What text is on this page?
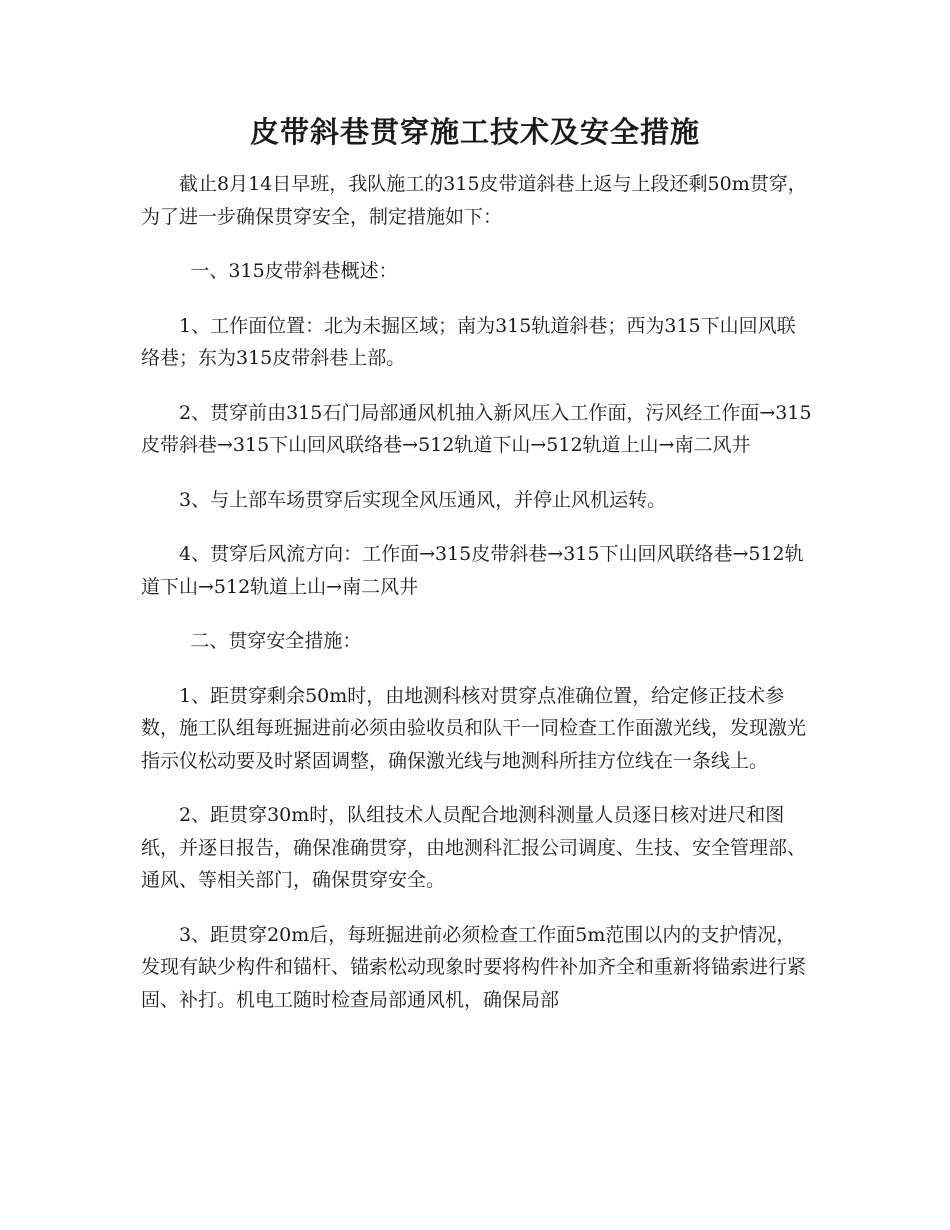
皮带斜巷贯穿施工技术及安全措施

截止8月14日早班，我队施工的315皮带道斜巷上返与上段还剩50m贯穿，为了进一步确保贯穿安全，制定措施如下：

一、315皮带斜巷概述：

1、工作面位置：北为未掘区域；南为315轨道斜巷；西为315下山回风联络巷；东为315皮带斜巷上部。

2、贯穿前由315石门局部通风机抽入新风压入工作面，污风经工作面→315皮带斜巷→315下山回风联络巷→512轨道下山→512轨道上山→南二风井

3、与上部车场贯穿后实现全风压通风，并停止风机运转。

4、贯穿后风流方向：工作面→315皮带斜巷→315下山回风联络巷→512轨道下山→512轨道上山→南二风井

二、贯穿安全措施：

1、距贯穿剩余50m时，由地测科核对贯穿点准确位置，给定修正技术参数，施工队组每班掘进前必须由验收员和队干一同检查工作面激光线，发现激光指示仪松动要及时紧固调整，确保激光线与地测科所挂方位线在一条线上。

2、距贯穿30m时，队组技术人员配合地测科测量人员逐日核对进尺和图纸，并逐日报告，确保准确贯穿，由地测科汇报公司调度、生技、安全管理部、通风、等相关部门，确保贯穿安全。

3、距贯穿20m后，每班掘进前必须检查工作面5m范围以内的支护情况，发现有缺少构件和锚杆、锚索松动现象时要将构件补加齐全和重新将锚索进行紧固、补打。机电工随时检查局部通风机，确保局部
